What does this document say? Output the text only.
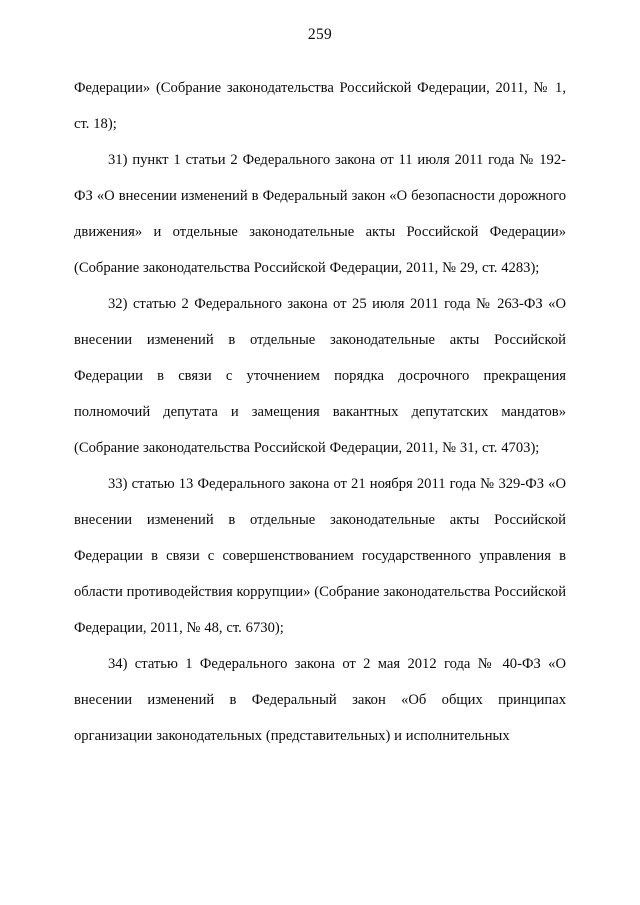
259

Федерации» (Собрание законодательства Российской Федерации, 2011, № 1, ст. 18);

31) пункт 1 статьи 2 Федерального закона от 11 июля 2011 года № 192-ФЗ «О внесении изменений в Федеральный закон «О безопасности дорожного движения» и отдельные законодательные акты Российской Федерации» (Собрание законодательства Российской Федерации, 2011, № 29, ст. 4283);

32) статью 2 Федерального закона от 25 июля 2011 года № 263-ФЗ «О внесении изменений в отдельные законодательные акты Российской Федерации в связи с уточнением порядка досрочного прекращения полномочий депутата и замещения вакантных депутатских мандатов» (Собрание законодательства Российской Федерации, 2011, № 31, ст. 4703);

33) статью 13 Федерального закона от 21 ноября 2011 года № 329-ФЗ «О внесении изменений в отдельные законодательные акты Российской Федерации в связи с совершенствованием государственного управления в области противодействия коррупции» (Собрание законодательства Российской Федерации, 2011, № 48, ст. 6730);

34) статью 1 Федерального закона от 2 мая 2012 года № 40-ФЗ «О внесении изменений в Федеральный закон «Об общих принципах организации законодательных (представительных) и исполнительных
